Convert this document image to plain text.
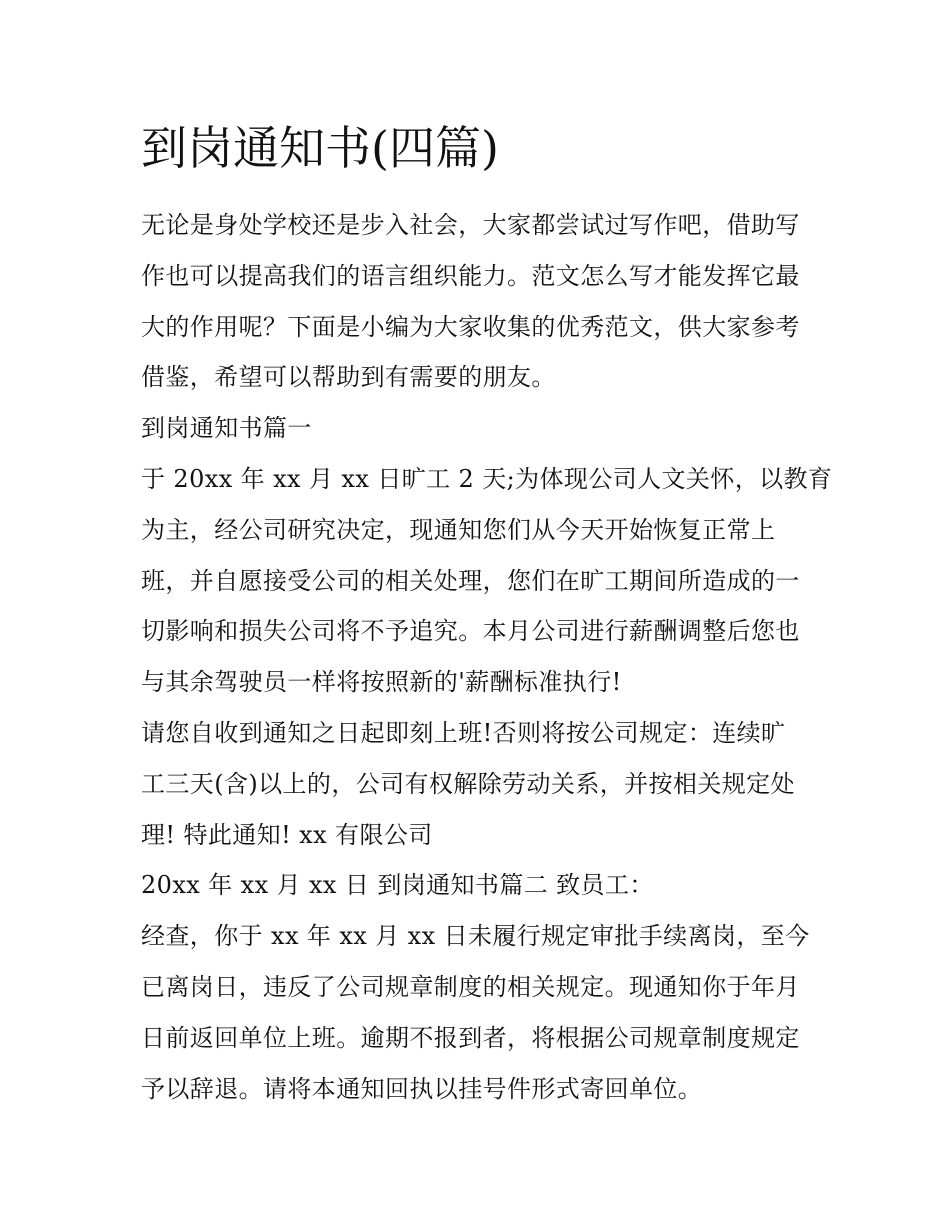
到岗通知书(四篇)
无论是身处学校还是步入社会，大家都尝试过写作吧，借助写
作也可以提高我们的语言组织能力。范文怎么写才能发挥它最
大的作用呢？下面是小编为大家收集的优秀范文，供大家参考
借鉴，希望可以帮助到有需要的朋友。
到岗通知书篇一
于 20xx 年 xx 月 xx 日旷工 2 天;为体现公司人文关怀，以教育
为主，经公司研究决定，现通知您们从今天开始恢复正常上
班，并自愿接受公司的相关处理，您们在旷工期间所造成的一
切影响和损失公司将不予追究。本月公司进行薪酬调整后您也
与其余驾驶员一样将按照新的'薪酬标准执行!
请您自收到通知之日起即刻上班!否则将按公司规定：连续旷
工三天(含)以上的，公司有权解除劳动关系，并按相关规定处
理! 特此通知! xx 有限公司
20xx 年 xx 月 xx 日 到岗通知书篇二 致员工：
经查，你于 xx 年 xx 月 xx 日未履行规定审批手续离岗，至今
已离岗日，违反了公司规章制度的相关规定。现通知你于年月
日前返回单位上班。逾期不报到者，将根据公司规章制度规定
予以辞退。请将本通知回执以挂号件形式寄回单位。
